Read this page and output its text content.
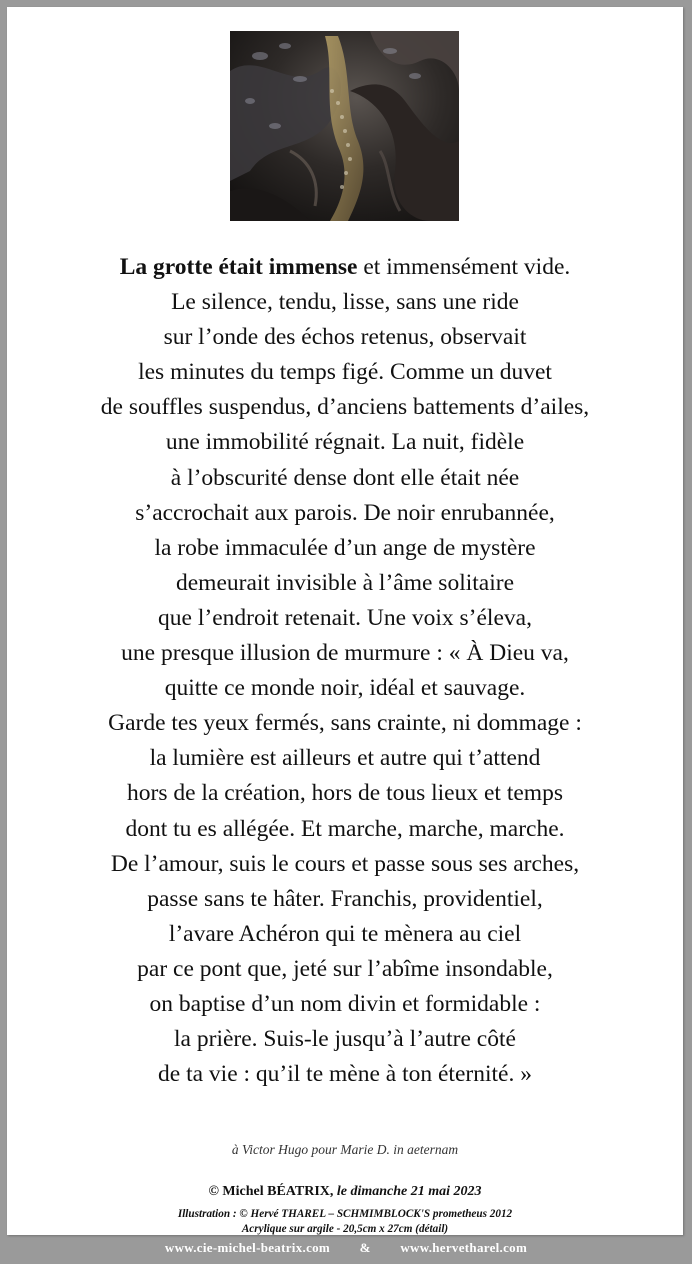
La grotte était immense et immensément vide.
Le silence, tendu, lisse, sans une ride
sur l’onde des échos retenus, observait
les minutes du temps figé. Comme un duvet
de souffles suspendus, d’anciens battements d’ailes,
une immobilité régnait. La nuit, fidèle
à l’obscurité dense dont elle était née
s’accrochait aux parois. De noir enrubannée,
la robe immaculée d’un ange de mystère
demeurait invisible à l’âme solitaire
que l’endroit retenait. Une voix s’éleva,
une presque illusion de murmure : « À Dieu va,
quitte ce monde noir, idéal et sauvage.
Garde tes yeux fermés, sans crainte, ni dommage :
la lumière est ailleurs et autre qui t’attend
hors de la création, hors de tous lieux et temps
dont tu es allégée. Et marche, marche, marche.
De l’amour, suis le cours et passe sous ses arches,
passe sans te hâter. Franchis, providentiel,
l’avare Achéron qui te mènera au ciel
par ce pont que, jeté sur l’abîme insondable,
on baptise d’un nom divin et formidable :
la prière. Suis-le jusqu’à l’autre côté
de ta vie : qu’il te mène à ton éternité. »
à Victor Hugo pour Marie D. in aeternam
© Michel BÉATRIX, le dimanche 21 mai 2023
Illustration : © Hervé THAREL – SCHMIMBLOCK'S prometheus 2012
Acrylique sur argile - 20,5cm x 27cm (détail)
www.cie-michel-beatrix.com & www.hervetharel.com
